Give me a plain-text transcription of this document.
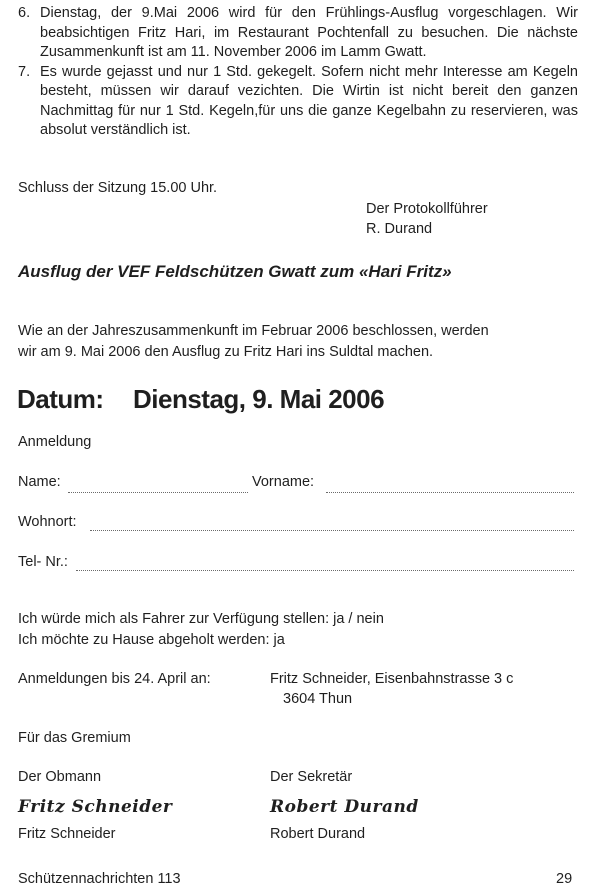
6. Dienstag, der 9.Mai 2006 wird für den Frühlings-Ausflug vorgeschlagen. Wir beabsichtigen Fritz Hari, im Restaurant Pochtenfall zu besuchen. Die nächste Zusammenkunft ist am 11. November 2006 im Lamm Gwatt.
7. Es wurde gejasst und nur 1 Std. gekegelt. Sofern nicht mehr Interesse am Kegeln besteht, müssen wir darauf vezichten. Die Wirtin ist nicht bereit den ganzen Nachmittag für nur 1 Std. Kegeln,für uns die ganze Kegelbahn zu reservieren, was absolut verständlich ist.
Schluss der Sitzung 15.00 Uhr.
Der Protokollführer
R. Durand
Ausflug der VEF Feldschützen Gwatt zum «Hari Fritz»
Wie an der Jahreszusammenkunft im Februar 2006 beschlossen, werden
wir am 9. Mai 2006 den Ausflug zu Fritz Hari ins Suldtal machen.
Datum: Dienstag, 9. Mai 2006
Anmeldung
Name:	Vorname:
Wohnort:
Tel- Nr.:
Ich würde mich als Fahrer zur Verfügung stellen: ja / nein
Ich möchte zu Hause abgeholt werden: ja
Anmeldungen bis 24. April an:	Fritz Schneider, Eisenbahnstrasse 3 c
3604 Thun
Für das Gremium
Der Obmann	Der Sekretär
Fritz Schneider	Robert Durand
Fritz Schneider	Robert Durand
Schützennachrichten 113	29
